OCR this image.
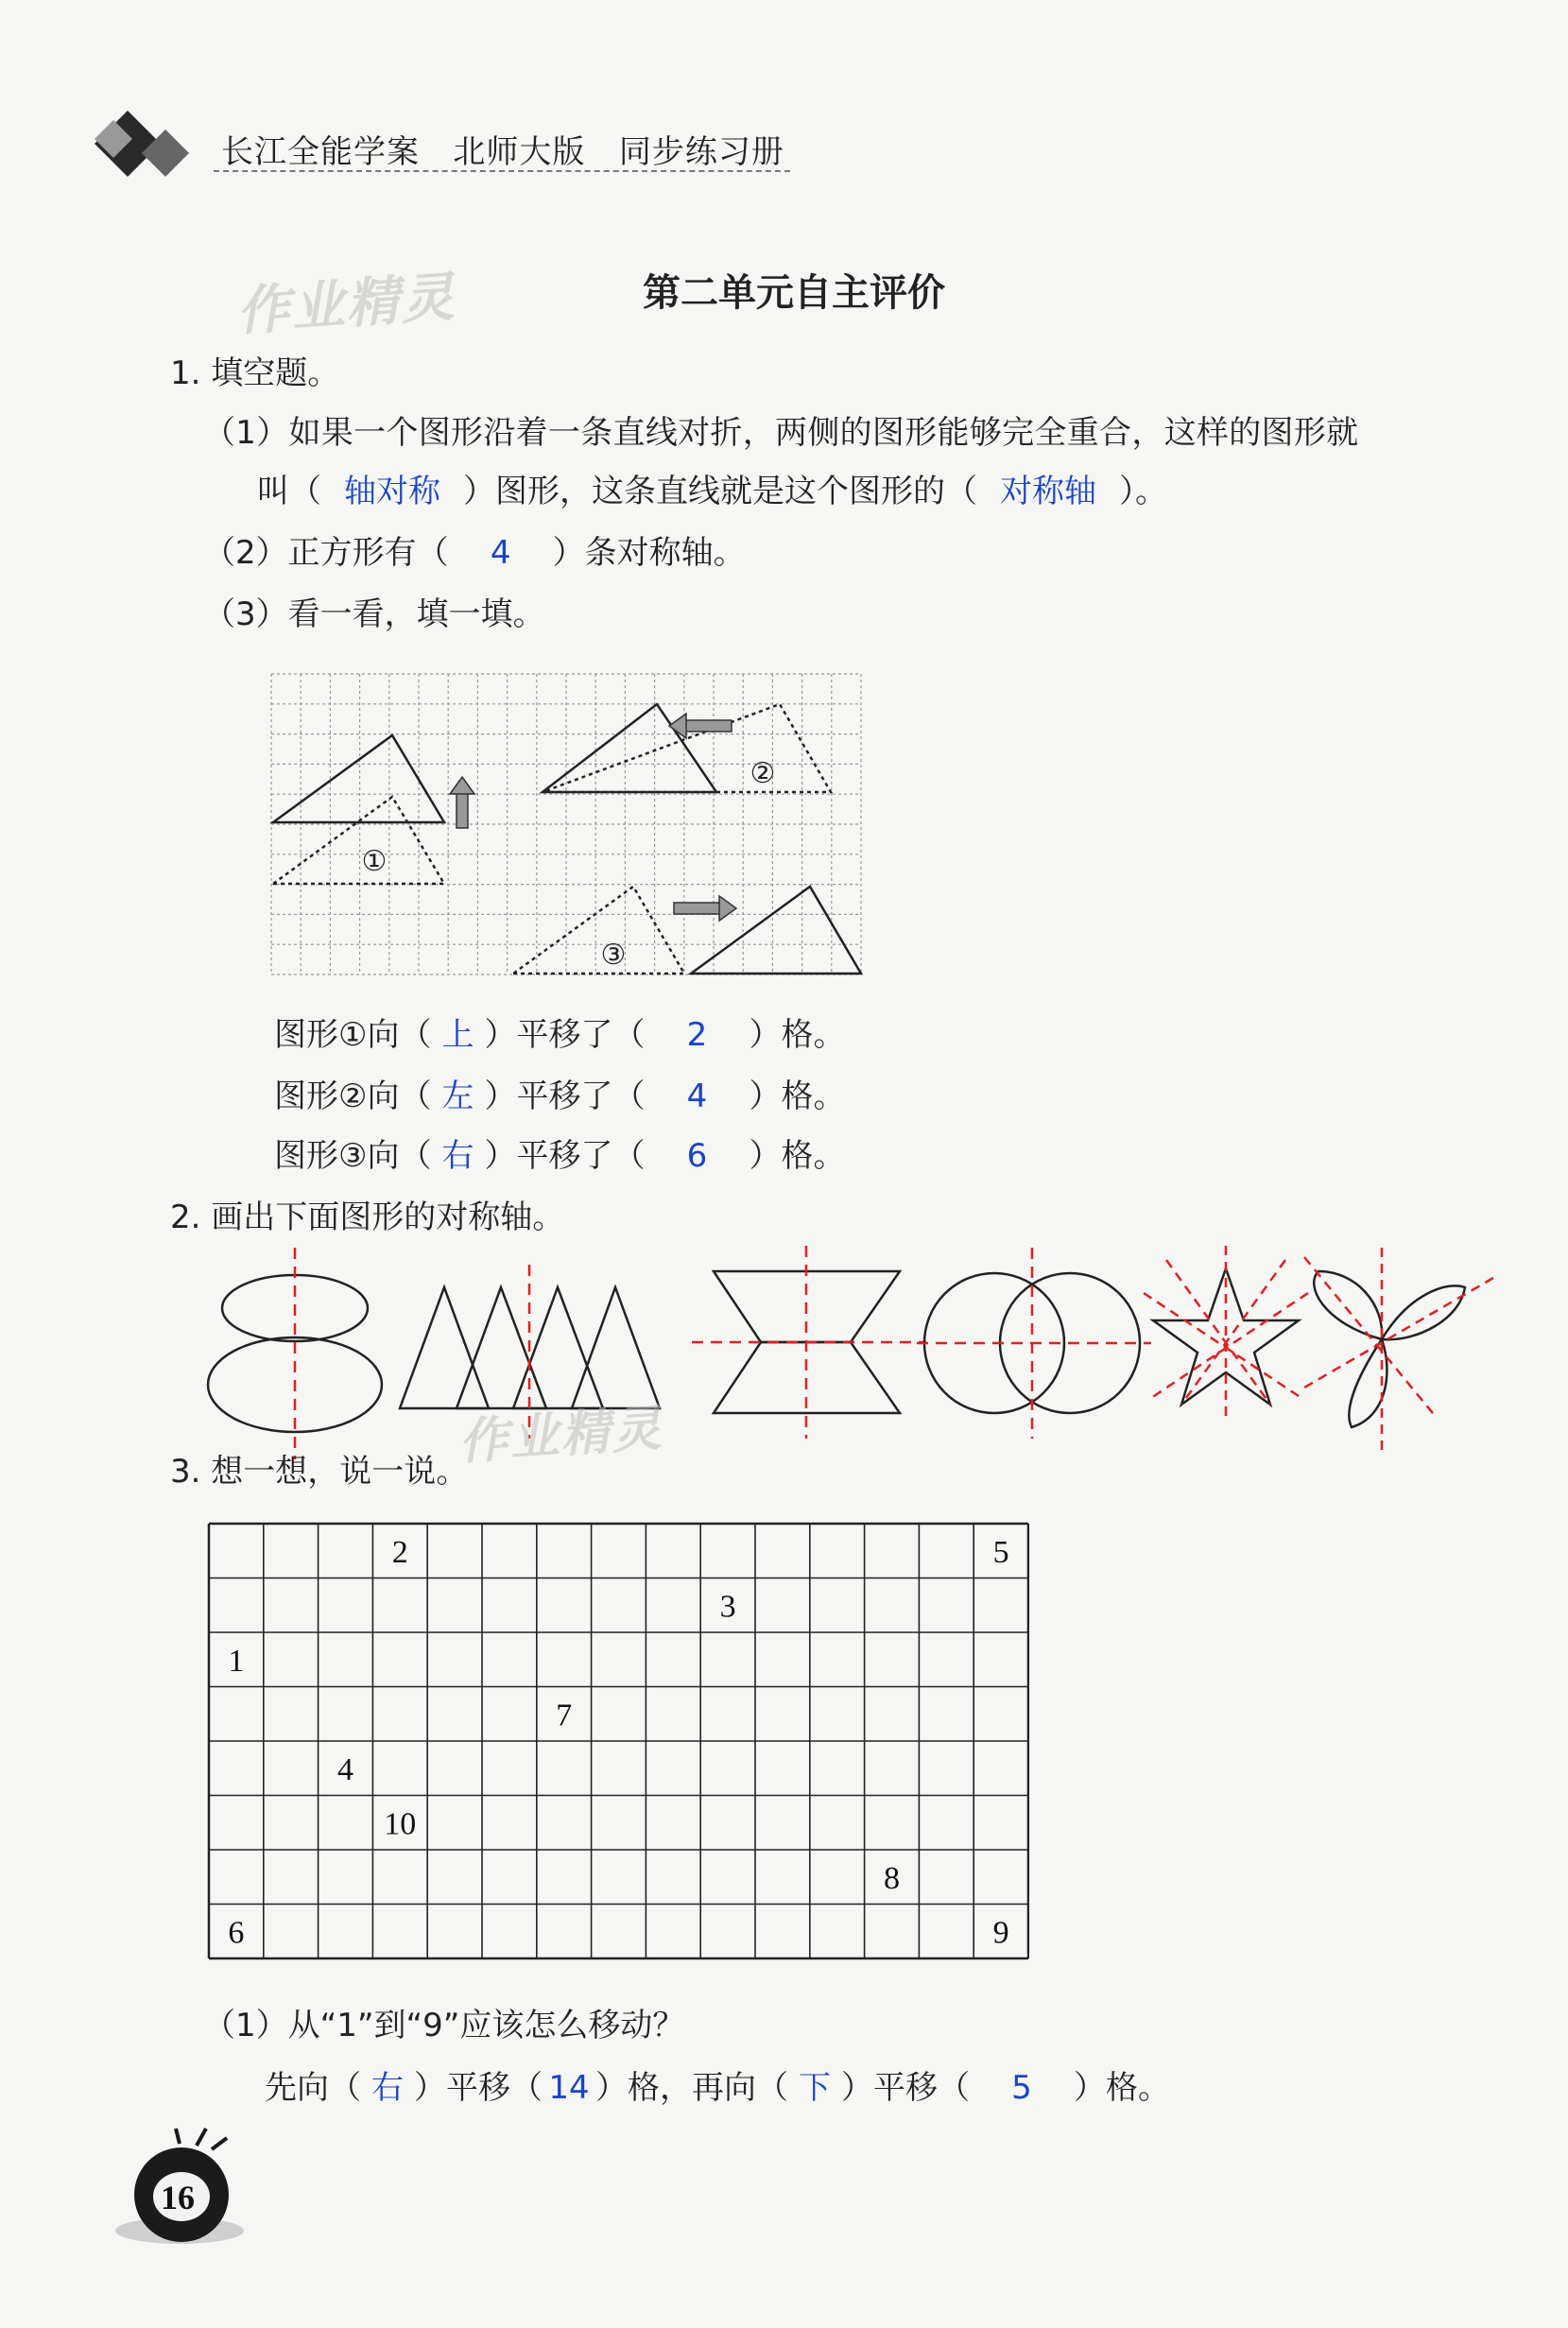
长江全能学案   北师大版   同步练习册
作业精灵	第二单元自主评价
1. 填空题。
（1）如果一个图形沿着一条直线对折，两侧的图形能够完全重合，这样的图形就
叫（ 轴对称 ）图形，这条直线就是这个图形的（ 对称轴 ）。
（2）正方形有（ 4 ）条对称轴。
（3）看一看，填一填。
①
②
③
图形①向（ 上 ）平移了（ 2 ）格。
图形②向（ 左 ）平移了（ 4 ）格。
图形③向（ 右 ）平移了（ 6 ）格。
2. 画出下面图形的对称轴。
作业精灵
3. 想一想，说一说。
2	5
3
1
7
4
10
8
6	9
（1）从“1”到“9”应该怎么移动？
先向（ 右 ）平移（ 14 ）格，再向（ 下 ）平移（ 5 ）格。
16
